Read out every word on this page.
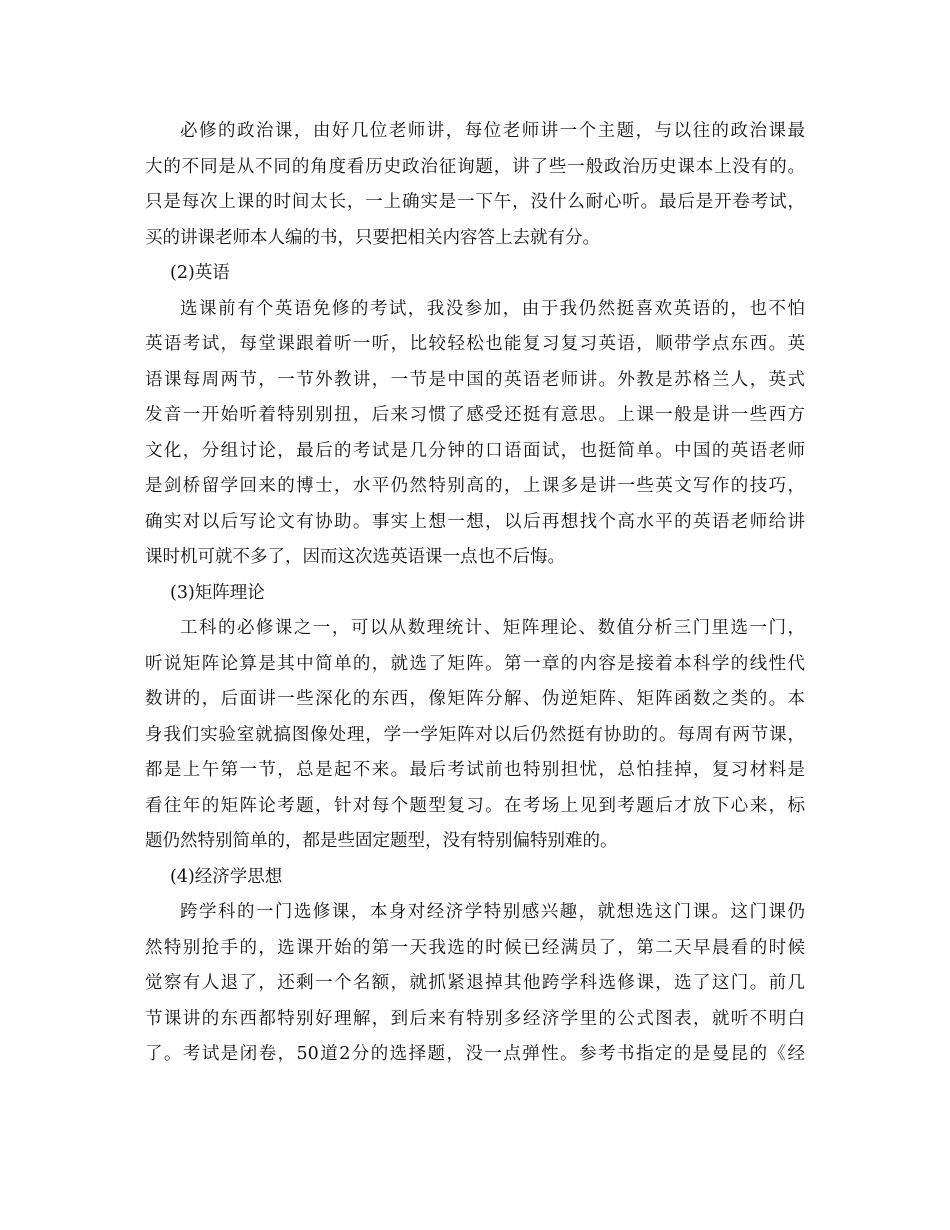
必修的政治课，由好几位老师讲，每位老师讲一个主题，与以往的政治课最
大的不同是从不同的角度看历史政治征询题，讲了些一般政治历史课本上没有的。
只是每次上课的时间太长，一上确实是一下午，没什么耐心听。最后是开卷考试，
买的讲课老师本人编的书，只要把相关内容答上去就有分。
(2)英语
选课前有个英语免修的考试，我没参加，由于我仍然挺喜欢英语的，也不怕
英语考试，每堂课跟着听一听，比较轻松也能复习复习英语，顺带学点东西。英
语课每周两节，一节外教讲，一节是中国的英语老师讲。外教是苏格兰人，英式
发音一开始听着特别别扭，后来习惯了感受还挺有意思。上课一般是讲一些西方
文化，分组讨论，最后的考试是几分钟的口语面试，也挺简单。中国的英语老师
是剑桥留学回来的博士，水平仍然特别高的，上课多是讲一些英文写作的技巧，
确实对以后写论文有协助。事实上想一想，以后再想找个高水平的英语老师给讲
课时机可就不多了，因而这次选英语课一点也不后悔。
(3)矩阵理论
工科的必修课之一，可以从数理统计、矩阵理论、数值分析三门里选一门，
听说矩阵论算是其中简单的，就选了矩阵。第一章的内容是接着本科学的线性代
数讲的，后面讲一些深化的东西，像矩阵分解、伪逆矩阵、矩阵函数之类的。本
身我们实验室就搞图像处理，学一学矩阵对以后仍然挺有协助的。每周有两节课，
都是上午第一节，总是起不来。最后考试前也特别担忧，总怕挂掉，复习材料是
看往年的矩阵论考题，针对每个题型复习。在考场上见到考题后才放下心来，标
题仍然特别简单的，都是些固定题型，没有特别偏特别难的。
(4)经济学思想
跨学科的一门选修课，本身对经济学特别感兴趣，就想选这门课。这门课仍
然特别抢手的，选课开始的第一天我选的时候已经满员了，第二天早晨看的时候
觉察有人退了，还剩一个名额，就抓紧退掉其他跨学科选修课，选了这门。前几
节课讲的东西都特别好理解，到后来有特别多经济学里的公式图表，就听不明白
了。考试是闭卷，50道2分的选择题，没一点弹性。参考书指定的是曼昆的《经
